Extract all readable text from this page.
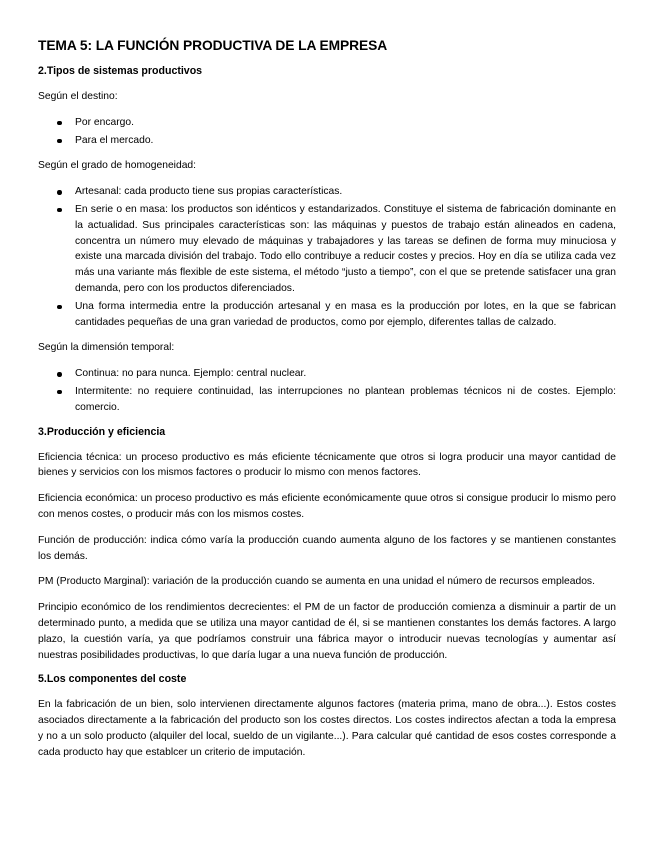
TEMA 5: LA FUNCIÓN PRODUCTIVA DE LA EMPRESA
2.Tipos de sistemas productivos

Según el destino:

Por encargo.
Para el mercado.

Según el grado de homogeneidad:

Artesanal: cada producto tiene sus propias características.
En serie o en masa: los productos son idénticos y estandarizados. Constituye el sistema de fabricación dominante en la actualidad. Sus principales características son: las máquinas y puestos de trabajo están alineados en cadena, concentra un número muy elevado de máquinas y trabajadores y las tareas se definen de forma muy minuciosa y existe una marcada división del trabajo. Todo ello contribuye a reducir costes y precios. Hoy en día se utiliza cada vez más una variante más flexible de este sistema, el método “justo a tiempo”, con el que se pretende satisfacer una gran demanda, pero con los productos diferenciados.
Una forma intermedia entre la producción artesanal y en masa es la producción por lotes, en la que se fabrican cantidades pequeñas de una gran variedad de productos, como por ejemplo, diferentes tallas de calzado.

Según la dimensión temporal:

Continua: no para nunca. Ejemplo: central nuclear.
Intermitente: no requiere continuidad, las interrupciones no plantean problemas técnicos ni de costes. Ejemplo: comercio.
3.Producción y eficiencia

Eficiencia técnica: un proceso productivo es más eficiente técnicamente que otros si logra producir una mayor cantidad de bienes y servicios con los mismos factores o producir lo mismo con menos factores.

Eficiencia económica: un proceso productivo es más eficiente económicamente quue otros si consigue producir lo mismo pero con menos costes, o producir más con los mismos costes.

Función de producción: indica cómo varía la producción cuando aumenta alguno de los factores y se mantienen constantes los demás.

PM (Producto Marginal): variación de la producción cuando se aumenta en una unidad el número de recursos empleados.

Principio económico de los rendimientos decrecientes: el PM de un factor de producción comienza a disminuir a partir de un determinado punto, a medida que se utiliza una mayor cantidad de él, si se mantienen constantes los demás factores. A largo plazo, la cuestión varía, ya que podríamos construir una fábrica mayor o introducir nuevas tecnologías y aumentar así nuestras posibilidades productivas, lo que daría lugar a una nueva función de producción.

5.Los componentes del coste

En la fabricación de un bien, solo intervienen directamente algunos factores (materia prima, mano de obra...). Estos costes asociados directamente a la fabricación del producto son los costes directos. Los costes indirectos afectan a toda la empresa y no a un solo producto (alquiler del local, sueldo de un vigilante...). Para calcular qué cantidad de esos costes corresponde a cada producto hay que establcer un criterio de imputación.
